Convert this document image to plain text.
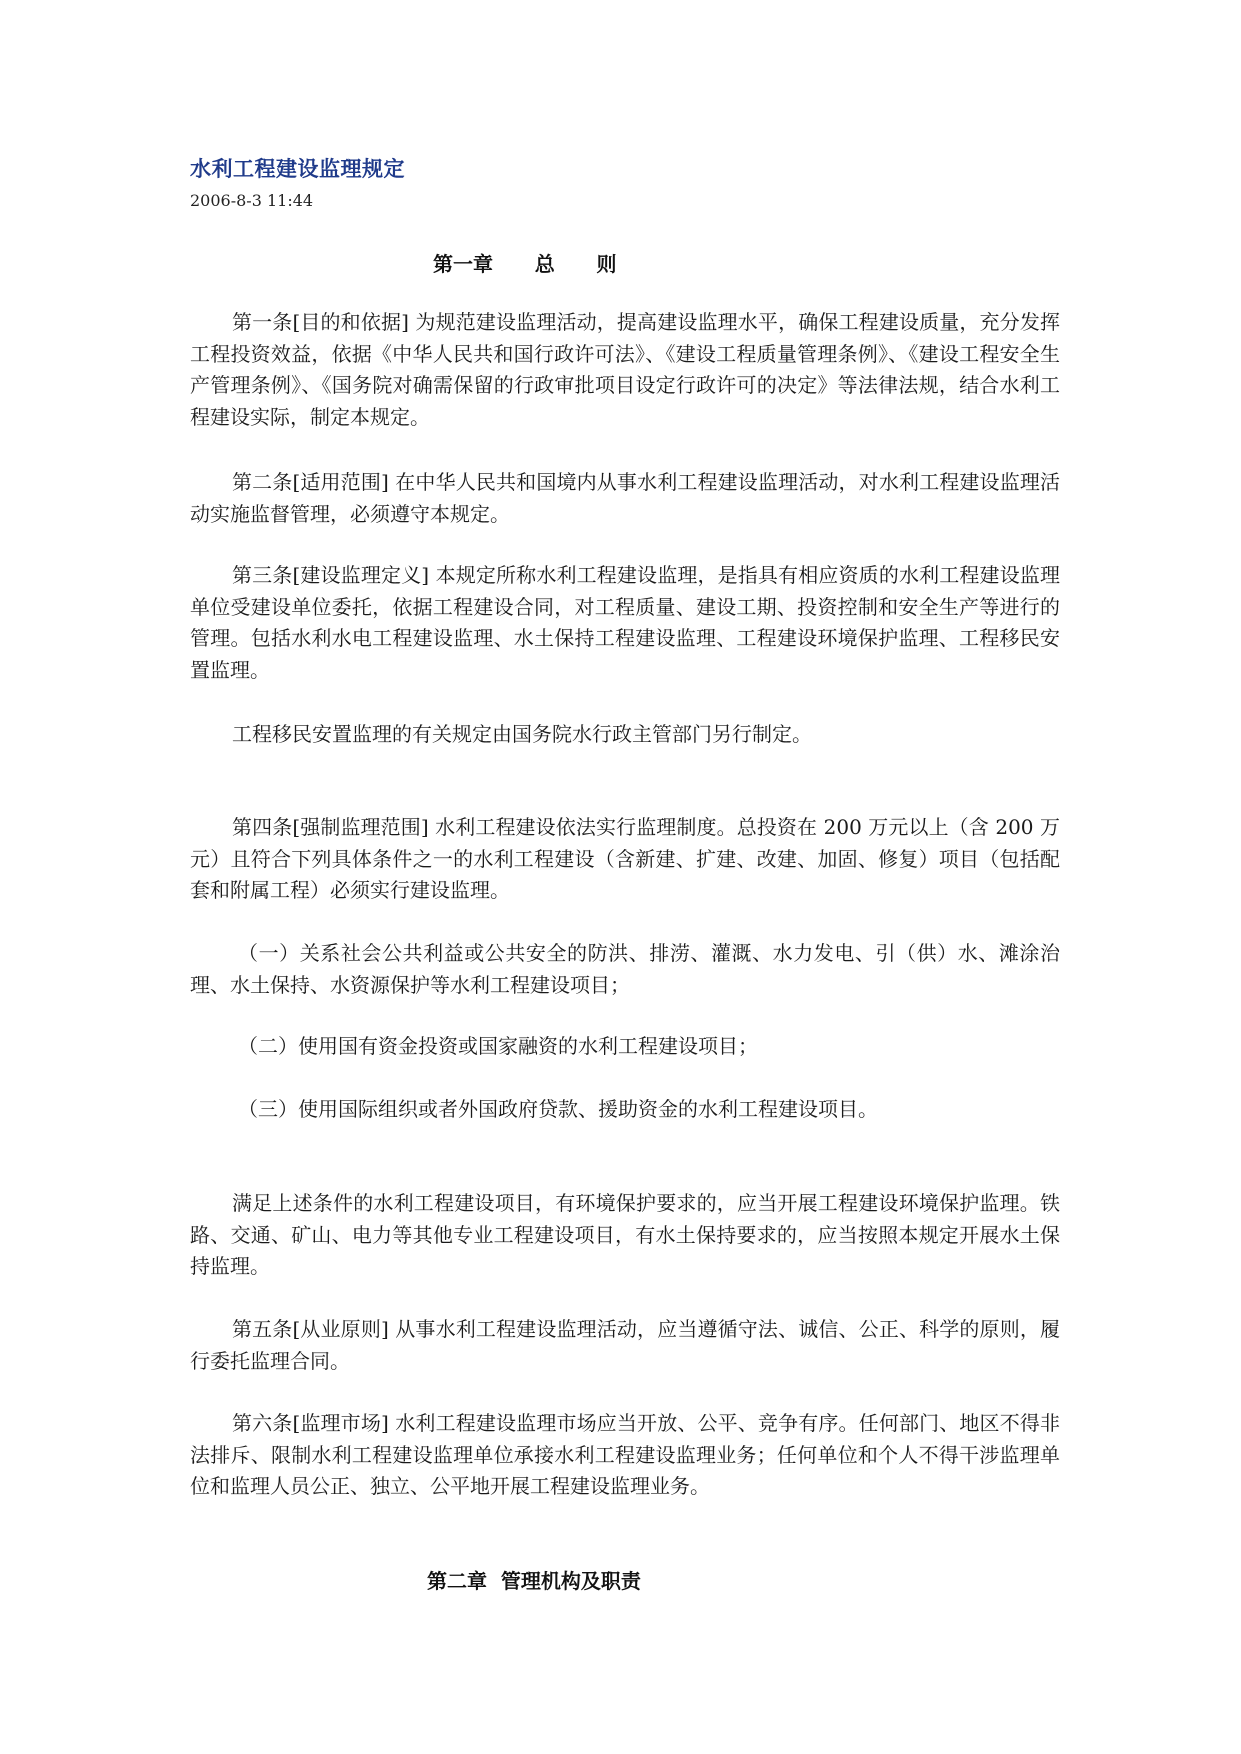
水利工程建设监理规定
2006-8-3 11:44
第一章      总      则

第一条[目的和依据] 为规范建设监理活动，提高建设监理水平，确保工程建设质量，充分发挥工程投资效益，依据《中华人民共和国行政许可法》、《建设工程质量管理条例》、《建设工程安全生产管理条例》、《国务院对确需保留的行政审批项目设定行政许可的决定》等法律法规，结合水利工程建设实际，制定本规定。

第二条[适用范围] 在中华人民共和国境内从事水利工程建设监理活动，对水利工程建设监理活动实施监督管理，必须遵守本规定。

第三条[建设监理定义] 本规定所称水利工程建设监理，是指具有相应资质的水利工程建设监理单位受建设单位委托，依据工程建设合同，对工程质量、建设工期、投资控制和安全生产等进行的管理。包括水利水电工程建设监理、水土保持工程建设监理、工程建设环境保护监理、工程移民安置监理。

工程移民安置监理的有关规定由国务院水行政主管部门另行制定。

第四条[强制监理范围] 水利工程建设依法实行监理制度。总投资在 200 万元以上（含 200 万元）且符合下列具体条件之一的水利工程建设（含新建、扩建、改建、加固、修复）项目（包括配套和附属工程）必须实行建设监理。

（一）关系社会公共利益或公共安全的防洪、排涝、灌溉、水力发电、引（供）水、滩涂治理、水土保持、水资源保护等水利工程建设项目；

（二）使用国有资金投资或国家融资的水利工程建设项目；

（三）使用国际组织或者外国政府贷款、援助资金的水利工程建设项目。

满足上述条件的水利工程建设项目，有环境保护要求的，应当开展工程建设环境保护监理。铁路、交通、矿山、电力等其他专业工程建设项目，有水土保持要求的，应当按照本规定开展水土保持监理。

第五条[从业原则] 从事水利工程建设监理活动，应当遵循守法、诚信、公正、科学的原则，履行委托监理合同。

第六条[监理市场] 水利工程建设监理市场应当开放、公平、竞争有序。任何部门、地区不得非法排斥、限制水利工程建设监理单位承接水利工程建设监理业务；任何单位和个人不得干涉监理单位和监理人员公正、独立、公平地开展工程建设监理业务。

第二章  管理机构及职责
